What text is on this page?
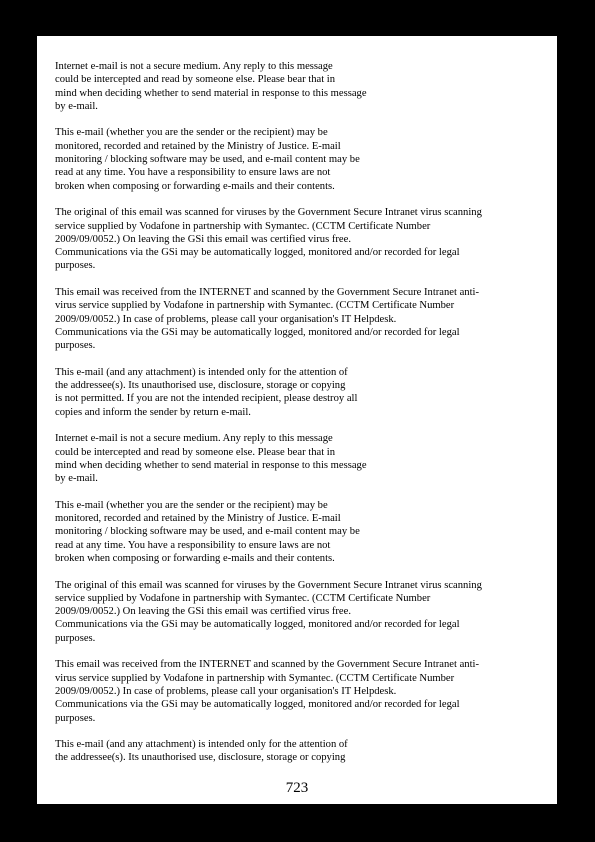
Internet e-mail is not a secure medium. Any reply to this message
could be intercepted and read by someone else. Please bear that in
mind when deciding whether to send material in response to this message
by e-mail.

This e-mail (whether you are the sender or the recipient) may be
monitored, recorded and retained by the Ministry of Justice. E-mail
monitoring / blocking software may be used, and e-mail content may be
read at any time. You have a responsibility to ensure laws are not
broken when composing or forwarding e-mails and their contents.

The original of this email was scanned for viruses by the Government Secure Intranet virus scanning
service supplied by Vodafone in partnership with Symantec. (CCTM Certificate Number
2009/09/0052.) On leaving the GSi this email was certified virus free.
Communications via the GSi may be automatically logged, monitored and/or recorded for legal
purposes.

This email was received from the INTERNET and scanned by the Government Secure Intranet anti-
virus service supplied by Vodafone in partnership with Symantec. (CCTM Certificate Number
2009/09/0052.) In case of problems, please call your organisation's IT Helpdesk.
Communications via the GSi may be automatically logged, monitored and/or recorded for legal
purposes.

This e-mail (and any attachment) is intended only for the attention of
the addressee(s). Its unauthorised use, disclosure, storage or copying
is not permitted. If you are not the intended recipient, please destroy all
copies and inform the sender by return e-mail.

Internet e-mail is not a secure medium. Any reply to this message
could be intercepted and read by someone else. Please bear that in
mind when deciding whether to send material in response to this message
by e-mail.

This e-mail (whether you are the sender or the recipient) may be
monitored, recorded and retained by the Ministry of Justice. E-mail
monitoring / blocking software may be used, and e-mail content may be
read at any time. You have a responsibility to ensure laws are not
broken when composing or forwarding e-mails and their contents.

The original of this email was scanned for viruses by the Government Secure Intranet virus scanning
service supplied by Vodafone in partnership with Symantec. (CCTM Certificate Number
2009/09/0052.) On leaving the GSi this email was certified virus free.
Communications via the GSi may be automatically logged, monitored and/or recorded for legal
purposes.

This email was received from the INTERNET and scanned by the Government Secure Intranet anti-
virus service supplied by Vodafone in partnership with Symantec. (CCTM Certificate Number
2009/09/0052.) In case of problems, please call your organisation's IT Helpdesk.
Communications via the GSi may be automatically logged, monitored and/or recorded for legal
purposes.

This e-mail (and any attachment) is intended only for the attention of
the addressee(s). Its unauthorised use, disclosure, storage or copying

723
